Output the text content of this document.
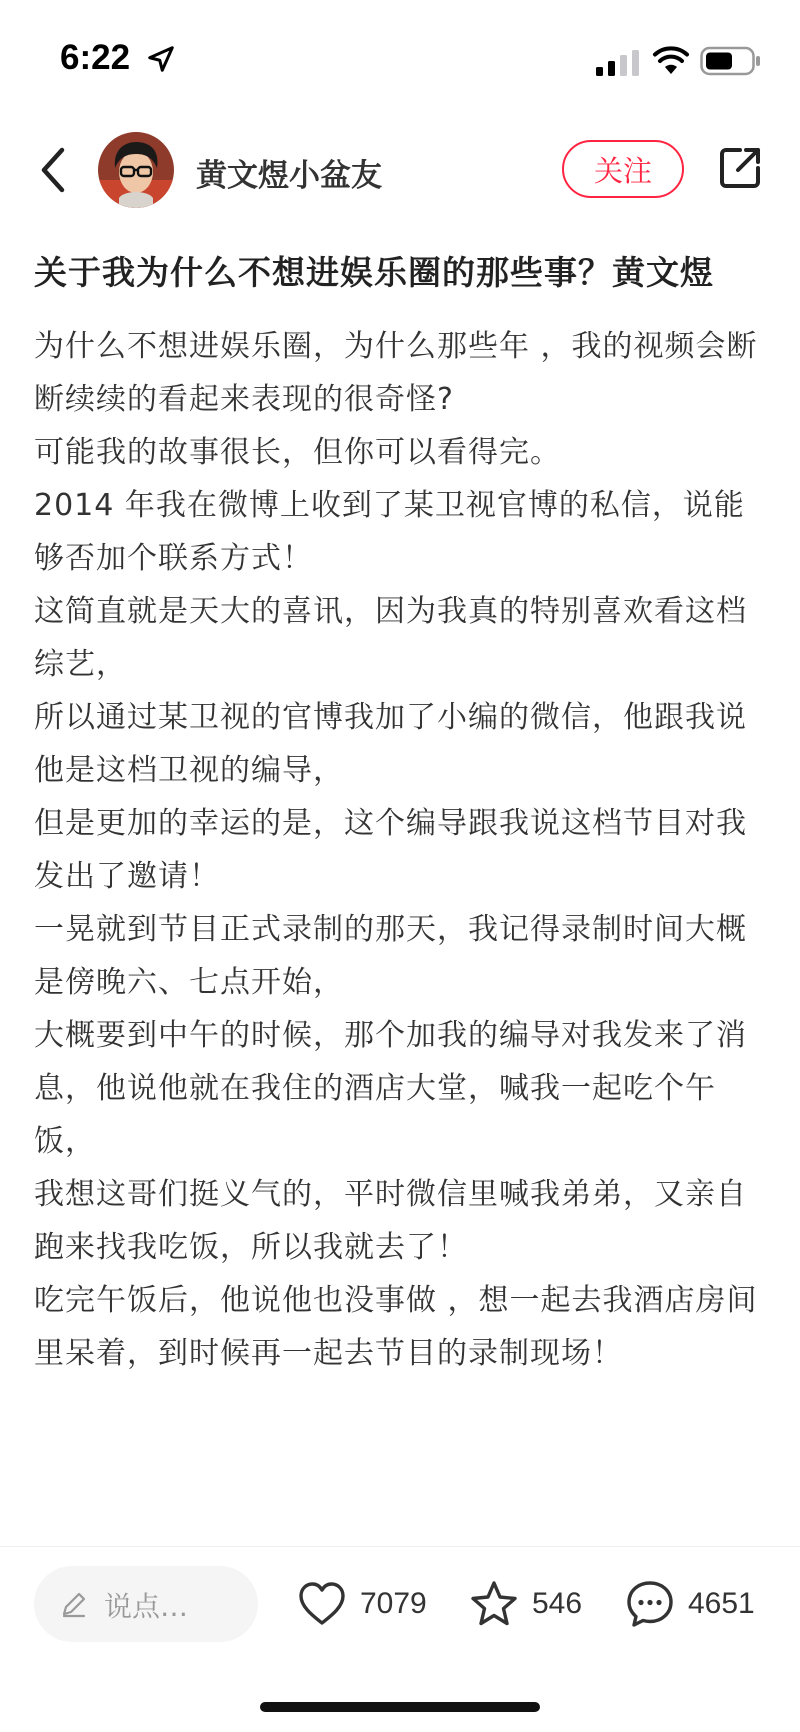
6:22
黄文煜小盆友	关注
关于我为什么不想进娱乐圈的那些事？黄文煜

为什么不想进娱乐圈，为什么那些年 ，我的视频会断断续续的看起来表现的很奇怪?

可能我的故事很长，但你可以看得完。

2014 年我在微博上收到了某卫视官博的私信，说能够否加个联系方式！

这简直就是天大的喜讯，因为我真的特别喜欢看这档综艺，

所以通过某卫视的官博我加了小编的微信，他跟我说他是这档卫视的编导，

但是更加的幸运的是，这个编导跟我说这档节目对我发出了邀请！

一晃就到节目正式录制的那天，我记得录制时间大概是傍晚六、七点开始，

大概要到中午的时候，那个加我的编导对我发来了消息，他说他就在我住的酒店大堂，喊我一起吃个午饭，

我想这哥们挺义气的，平时微信里喊我弟弟，又亲自跑来找我吃饭，所以我就去了！

吃完午饭后，他说他也没事做 ，想一起去我酒店房间里呆着，到时候再一起去节目的录制现场！

说点…	7079	546	4651
